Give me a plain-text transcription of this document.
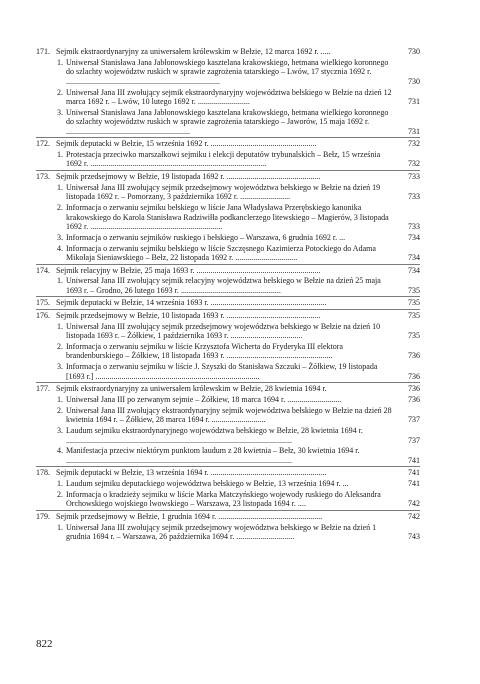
171. Sejmik ekstraordynaryjny za uniwersałem królewskim w Bełzie, 12 marca 1692 r. .....	730
1. Uniwersał Stanisława Jana Jabłonowskiego kasztelana krakowskiego, hetmana wielkiego koronnego do szlachty województw ruskich w sprawie zagrożenia tatarskiego – Lwów, 17 stycznia 1692 r. .............................................................................	730
2. Uniwersał Jana III zwołujący sejmik ekstraordynaryjny województwa bełskiego w Bełzie na dzień 12 marca 1692 r. – Lwów, 10 lutego 1692 r. ..........................	731
3. Uniwersał Stanisława Jana Jabłonowskiego kasztelana krakowskiego, hetmana wielkiego koronnego do szlachty województw ruskich w sprawie zagrożenia tatarskiego – Jaworów, 15 maja 1692 r. ..............................................................	731
172. Sejmik deputacki w Bełzie, 15 września 1692 r. .....................................................	732
1. Protestacja przeciwko marszałkowi sejmiku i elekcji deputatów trybunalskich – Bełz, 15 września 1692 r. ........................................................................................	732
173. Sejmik przedsejmowy w Bełzie, 19 listopada 1692 r. ...............................................	733
1. Uniwersał Jana III zwołujący sejmik przedsejmowy województwa bełskiego w Bełzie na dzień 19 listopada 1692 r. – Pomorzany, 3 października 1692 r. .........................	733
2. Informacja o zerwaniu sejmiku bełskiego w liście Jana Władysława Przerębskiego kanonika krakowskiego do Karola Stanisława Radziwiłła podkanclerzego litewskiego – Magierów, 3 listopada 1692 r. ..................................................................	733
3. Informacja o zerwaniu sejmików ruskiego i bełskiego – Warszawa, 6 grudnia 1692 r. ...	734
4. Informacja o zerwaniu sejmiku bełskiego w liście Szczęsnego Kazimierza Potockiego do Adama Mikołaja Sieniawskiego – Bełz, 22 listopada 1692 r. ...............................	734
174. Sejmik relacyjny w Bełzie, 25 maja 1693 r. ..............................................................	734
1. Uniwersał Jana III zwołujący sejmik relacyjny województwa bełskiego w Bełzie na dzień 25 maja 1693 r. – Grodno, 26 lutego 1693 r. ..................................................	735
175. Sejmik deputacki w Bełzie, 14 września 1693 r. ..........................................................	735
176. Sejmik przedsejmowy w Bełzie, 10 listopada 1693 r. ...............................................	735
1. Uniwersał Jana III zwołujący sejmik przedsejmowy województwa bełskiego w Bełzie na dzień 10 listopada 1693 r. – Żółkiew, 1 października 1693 r. ....................................	735
2. Informacja o zerwaniu sejmiku w liście Krzysztofa Wicherta do Fryderyka III elektora brandenburskiego – Żółkiew, 18 listopada 1693 r. .....................................................	736
3. Informacja o zerwaniu sejmiku w liście J. Szyszki do Stanisława Szczuki – Żółkiew, 19 listopada [1693 r.] ..................................................................................	736
177. Sejmik ekstraordynaryjny za uniwersałem królewskim w Bełzie, 28 kwietnia 1694 r.	736
1. Uniwersał Jana III po zerwanym sejmie – Żółkiew, 18 marca 1694 r. ...........................	736
2. Uniwersał Jana III zwołujący ekstraordynaryjny sejmik województwa bełskiego w Bełzie na dzień 28 kwietnia 1694 r. – Żółkiew, 28 marca 1694 r. ...........................	737
3. Laudum sejmiku ekstraordynaryjnego województwa bełskiego w Bełzie, 28 kwietnia 1694 r. .................................................................................................................	737
4. Manifestacja przeciw niektórym punktom laudum z 28 kwietnia – Bełz, 30 kwietnia 1694 r. .................................................................................................................	741
178. Sejmik deputacki w Bełzie, 13 września 1694 r. ..........................................................	741
1. Laudum sejmiku deputackiego województwa bełskiego w Bełzie, 13 września 1694 r. ...	741
2. Informacja o kradzieży sejmiku w liście Marka Matczyńskiego wojewody ruskiego do Aleksandra Orchowskiego wojskiego lwowskiego – Warszawa, 23 listopada 1694 r. ....	742
179. Sejmik przedsejmowy w Bełzie, 1 grudnia 1694 r. ....................................................	742
1. Uniwersał Jana III zwołujący sejmik przedsejmowy województwa bełskiego w Bełzie na dzień 1 grudnia 1694 r. – Warszawa, 26 października 1694 r. .............................	743
822
